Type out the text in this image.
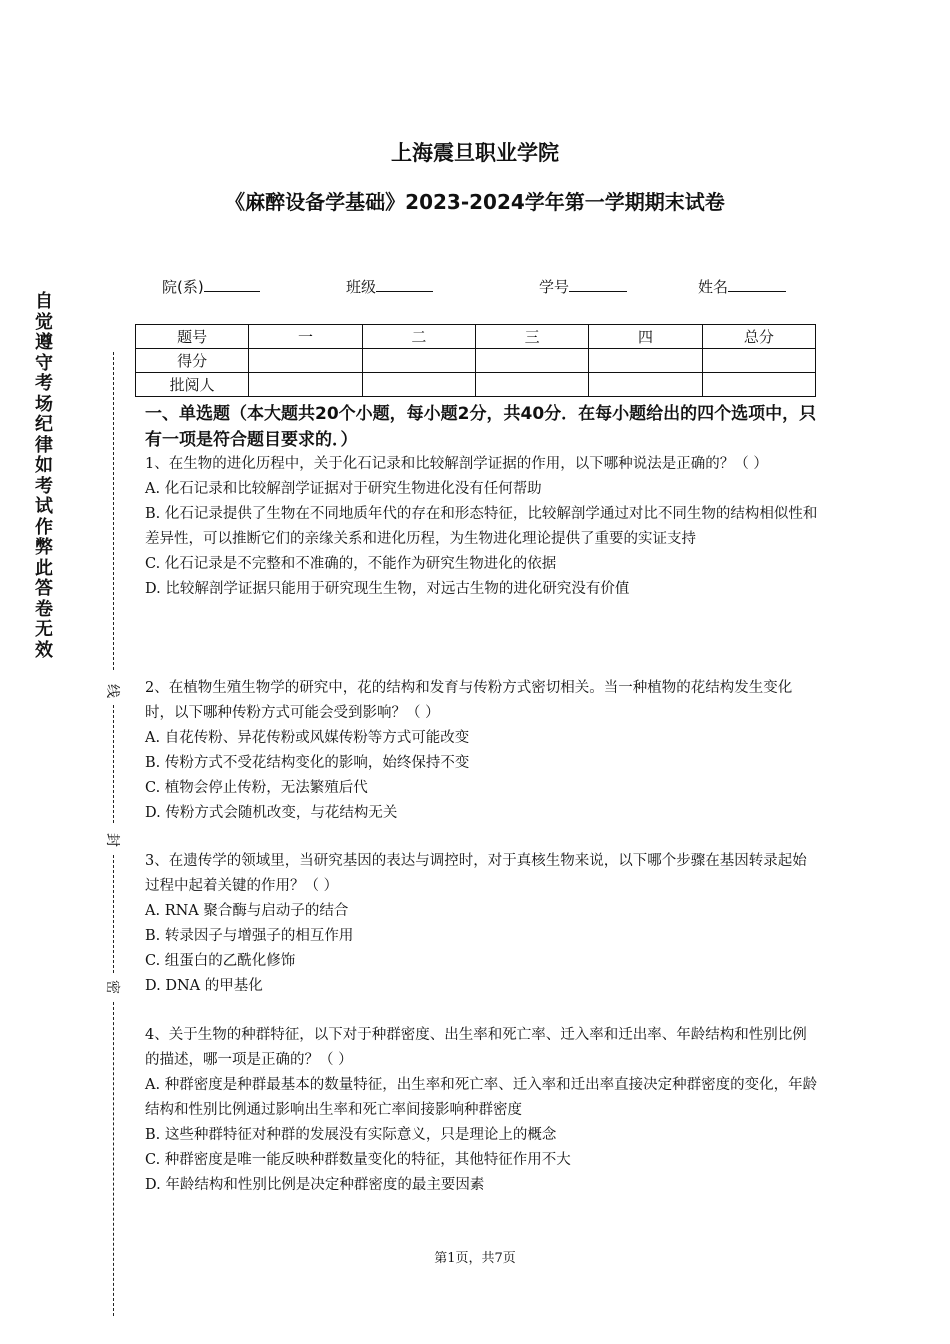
自
觉
遵
守
考
场
纪
律
如
考
试
作
弊
此
答
卷
无
效
线
封
密
上海震旦职业学院
《麻醉设备学基础》2023-2024学年第一学期期末试卷
院(系)	班级	学号	姓名
题号	一	二	三	四	总分
得分					
批阅人					
一、单选题（本大题共20个小题，每小题2分，共40分．在每小题给出的四个选项中，只有一项是符合题目要求的．）

1、在生物的进化历程中，关于化石记录和比较解剖学证据的作用，以下哪种说法是正确的？（ ）

A. 化石记录和比较解剖学证据对于研究生物进化没有任何帮助

B. 化石记录提供了生物在不同地质年代的存在和形态特征，比较解剖学通过对比不同生物的结构相似性和差异性，可以推断它们的亲缘关系和进化历程，为生物进化理论提供了重要的实证支持

C. 化石记录是不完整和不准确的，不能作为研究生物进化的依据

D. 比较解剖学证据只能用于研究现生生物，对远古生物的进化研究没有价值

2、在植物生殖生物学的研究中，花的结构和发育与传粉方式密切相关。当一种植物的花结构发生变化时，以下哪种传粉方式可能会受到影响？（ ）

A. 自花传粉、异花传粉或风媒传粉等方式可能改变

B. 传粉方式不受花结构变化的影响，始终保持不变

C. 植物会停止传粉，无法繁殖后代

D. 传粉方式会随机改变，与花结构无关

3、在遗传学的领域里，当研究基因的表达与调控时，对于真核生物来说，以下哪个步骤在基因转录起始过程中起着关键的作用？（ ）

A. RNA 聚合酶与启动子的结合

B. 转录因子与增强子的相互作用

C. 组蛋白的乙酰化修饰

D. DNA 的甲基化

4、关于生物的种群特征，以下对于种群密度、出生率和死亡率、迁入率和迁出率、年龄结构和性别比例的描述，哪一项是正确的？（ ）

A. 种群密度是种群最基本的数量特征，出生率和死亡率、迁入率和迁出率直接决定种群密度的变化，年龄结构和性别比例通过影响出生率和死亡率间接影响种群密度

B. 这些种群特征对种群的发展没有实际意义，只是理论上的概念

C. 种群密度是唯一能反映种群数量变化的特征，其他特征作用不大

D. 年龄结构和性别比例是决定种群密度的最主要因素

第1页，共7页
